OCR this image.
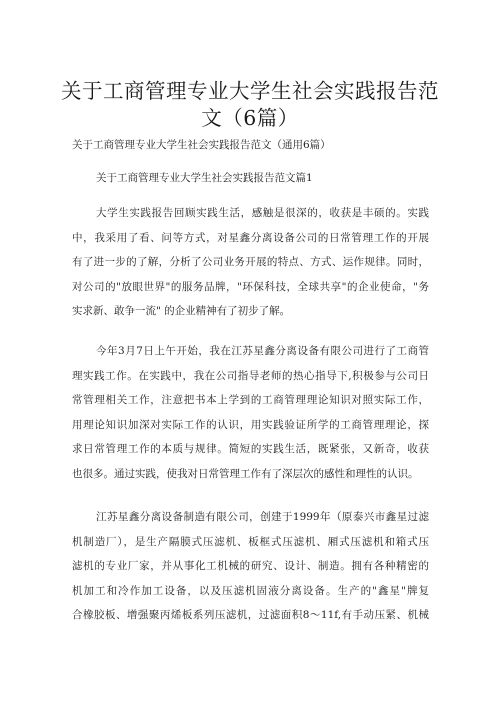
关于工商管理专业大学生社会实践报告范
文（6篇）
关于工商管理专业大学生社会实践报告范文（通用6篇）
关于工商管理专业大学生社会实践报告范文篇1
大学生实践报告回顾实践生活，感触是很深的，收获是丰硕的。实践
中，我采用了看、问等方式，对星鑫分离设备公司的日常管理工作的开展
有了进一步的了解，分析了公司业务开展的特点、方式、运作规律。同时，
对公司的"放眼世界"的服务品牌，"环保科技，全球共享"的企业使命，"务
实求新、敢争一流" 的企业精神有了初步了解。
今年3月7日上午开始，我在江苏星鑫分离设备有限公司进行了工商管
理实践工作。在实践中，我在公司指导老师的热心指导下,积极参与公司日
常管理相关工作，注意把书本上学到的工商管理理论知识对照实际工作，
用理论知识加深对实际工作的认识，用实践验证所学的工商管理理论，探
求日常管理工作的本质与规律。简短的实践生活，既紧张，又新奇，收获
也很多。通过实践，使我对日常管理工作有了深层次的感性和理性的认识。
江苏星鑫分离设备制造有限公司，创建于1999年（原泰兴市鑫星过滤
机制造厂），是生产隔膜式压滤机、板框式压滤机、厢式压滤机和箱式压
滤机的专业厂家，并从事化工机械的研究、设计、制造。拥有各种精密的
机加工和冷作加工设备，以及压滤机固液分离设备。生产的"鑫星"牌复
合橡胶板、增强聚丙烯板系列压滤机，过滤面积8～11f,有手动压紧、机械
